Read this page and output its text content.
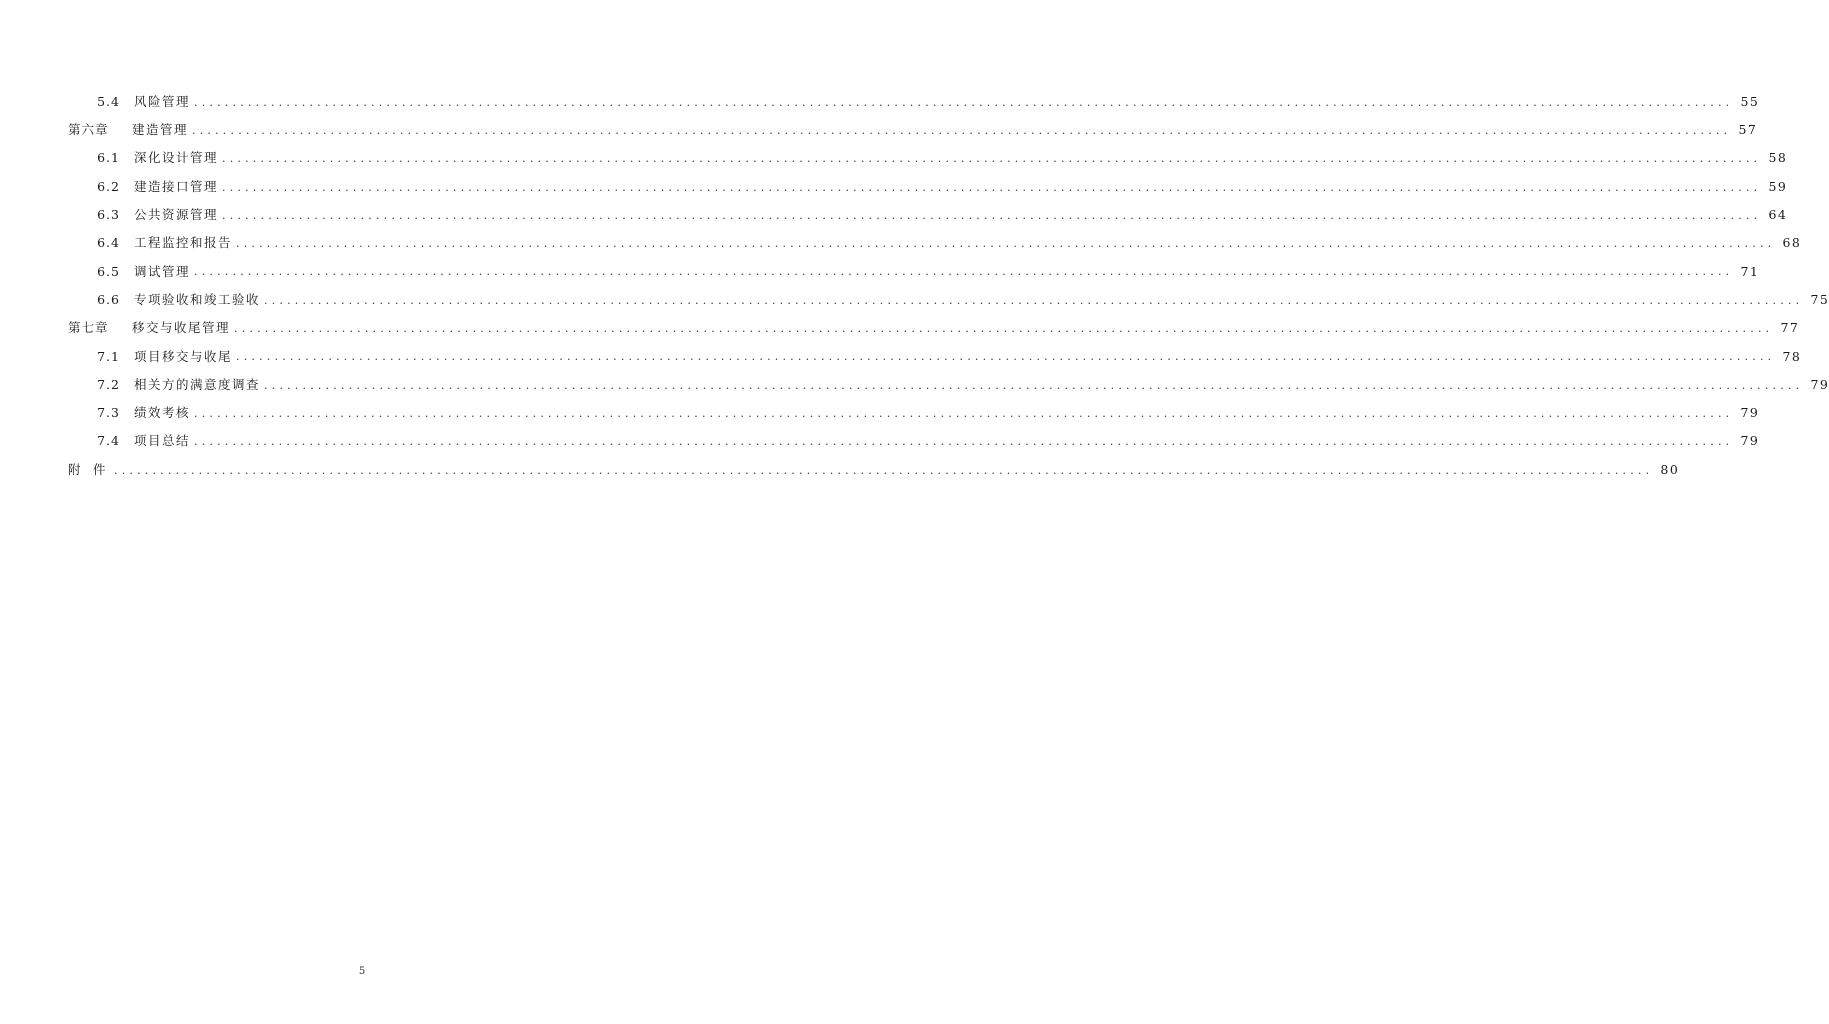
5.4 风险管理 ........................................................................................................................................................................................................ 55
第六章	建造管理 ........................................................................................................................................................................................................ 57
6.1 深化设计管理 ........................................................................................................................................................................................................ 58
6.2 建造接口管理 ........................................................................................................................................................................................................ 59
6.3 公共资源管理 ........................................................................................................................................................................................................ 64
6.4 工程监控和报告 ........................................................................................................................................................................................................ 68
6.5 调试管理 ........................................................................................................................................................................................................ 71
6.6 专项验收和竣工验收 ........................................................................................................................................................................................................ 75
第七章	移交与收尾管理 ........................................................................................................................................................................................................ 77
7.1 项目移交与收尾 ........................................................................................................................................................................................................ 78
7.2 相关方的满意度调查 ........................................................................................................................................................................................................ 79
7.3 绩效考核 ........................................................................................................................................................................................................ 79
7.4 项目总结 ........................................................................................................................................................................................................ 79
附　件 ........................................................................................................................................................................................................ 80
5
